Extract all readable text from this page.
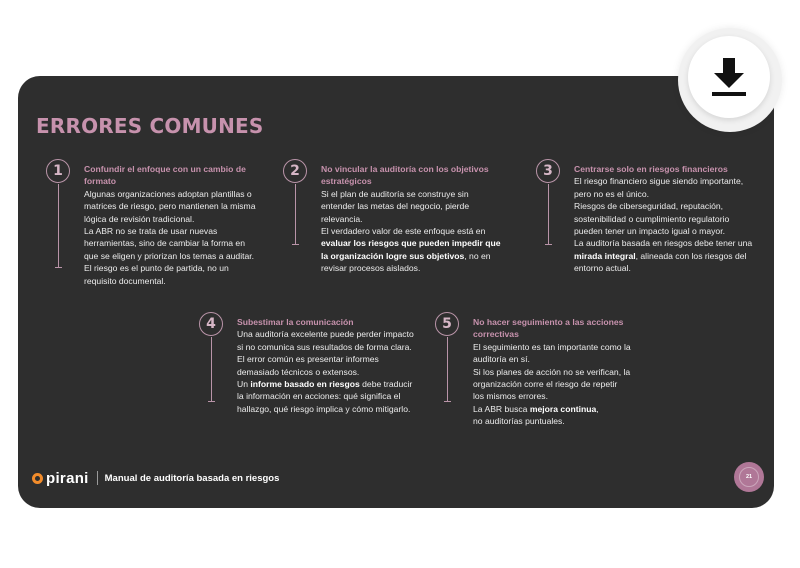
ERRORES COMUNES
1	Confundir el enfoque con un cambio de
formato

Algunas organizaciones adoptan plantillas o

matrices de riesgo, pero mantienen la misma

lógica de revisión tradicional.

La ABR no se trata de usar nuevas

herramientas, sino de cambiar la forma en

que se eligen y priorizan los temas a auditar.

El riesgo es el punto de partida, no un

requisito documental.

2	No vincular la auditoría con los objetivos
estratégicos

Si el plan de auditoría se construye sin

entender las metas del negocio, pierde

relevancia.

El verdadero valor de este enfoque está en

evaluar los riesgos que pueden impedir que

la organización logre sus objetivos, no en

revisar procesos aislados.

3	Centrarse solo en riesgos financieros

El riesgo financiero sigue siendo importante,

pero no es el único.

Riesgos de ciberseguridad, reputación,

sostenibilidad o cumplimiento regulatorio

pueden tener un impacto igual o mayor.

La auditoría basada en riesgos debe tener una

mirada integral, alineada con los riesgos del

entorno actual.

4	Subestimar la comunicación

Una auditoría excelente puede perder impacto

si no comunica sus resultados de forma clara.

El error común es presentar informes

demasiado técnicos o extensos.

Un informe basado en riesgos debe traducir

la información en acciones: qué significa el

hallazgo, qué riesgo implica y cómo mitigarlo.

5	No hacer seguimiento a las acciones
correctivas

El seguimiento es tan importante como la

auditoría en sí.

Si los planes de acción no se verifican, la

organización corre el riesgo de repetir

los mismos errores.

La ABR busca mejora continua,

no auditorías puntuales.

pirani Manual de auditoría basada en riesgos	21
